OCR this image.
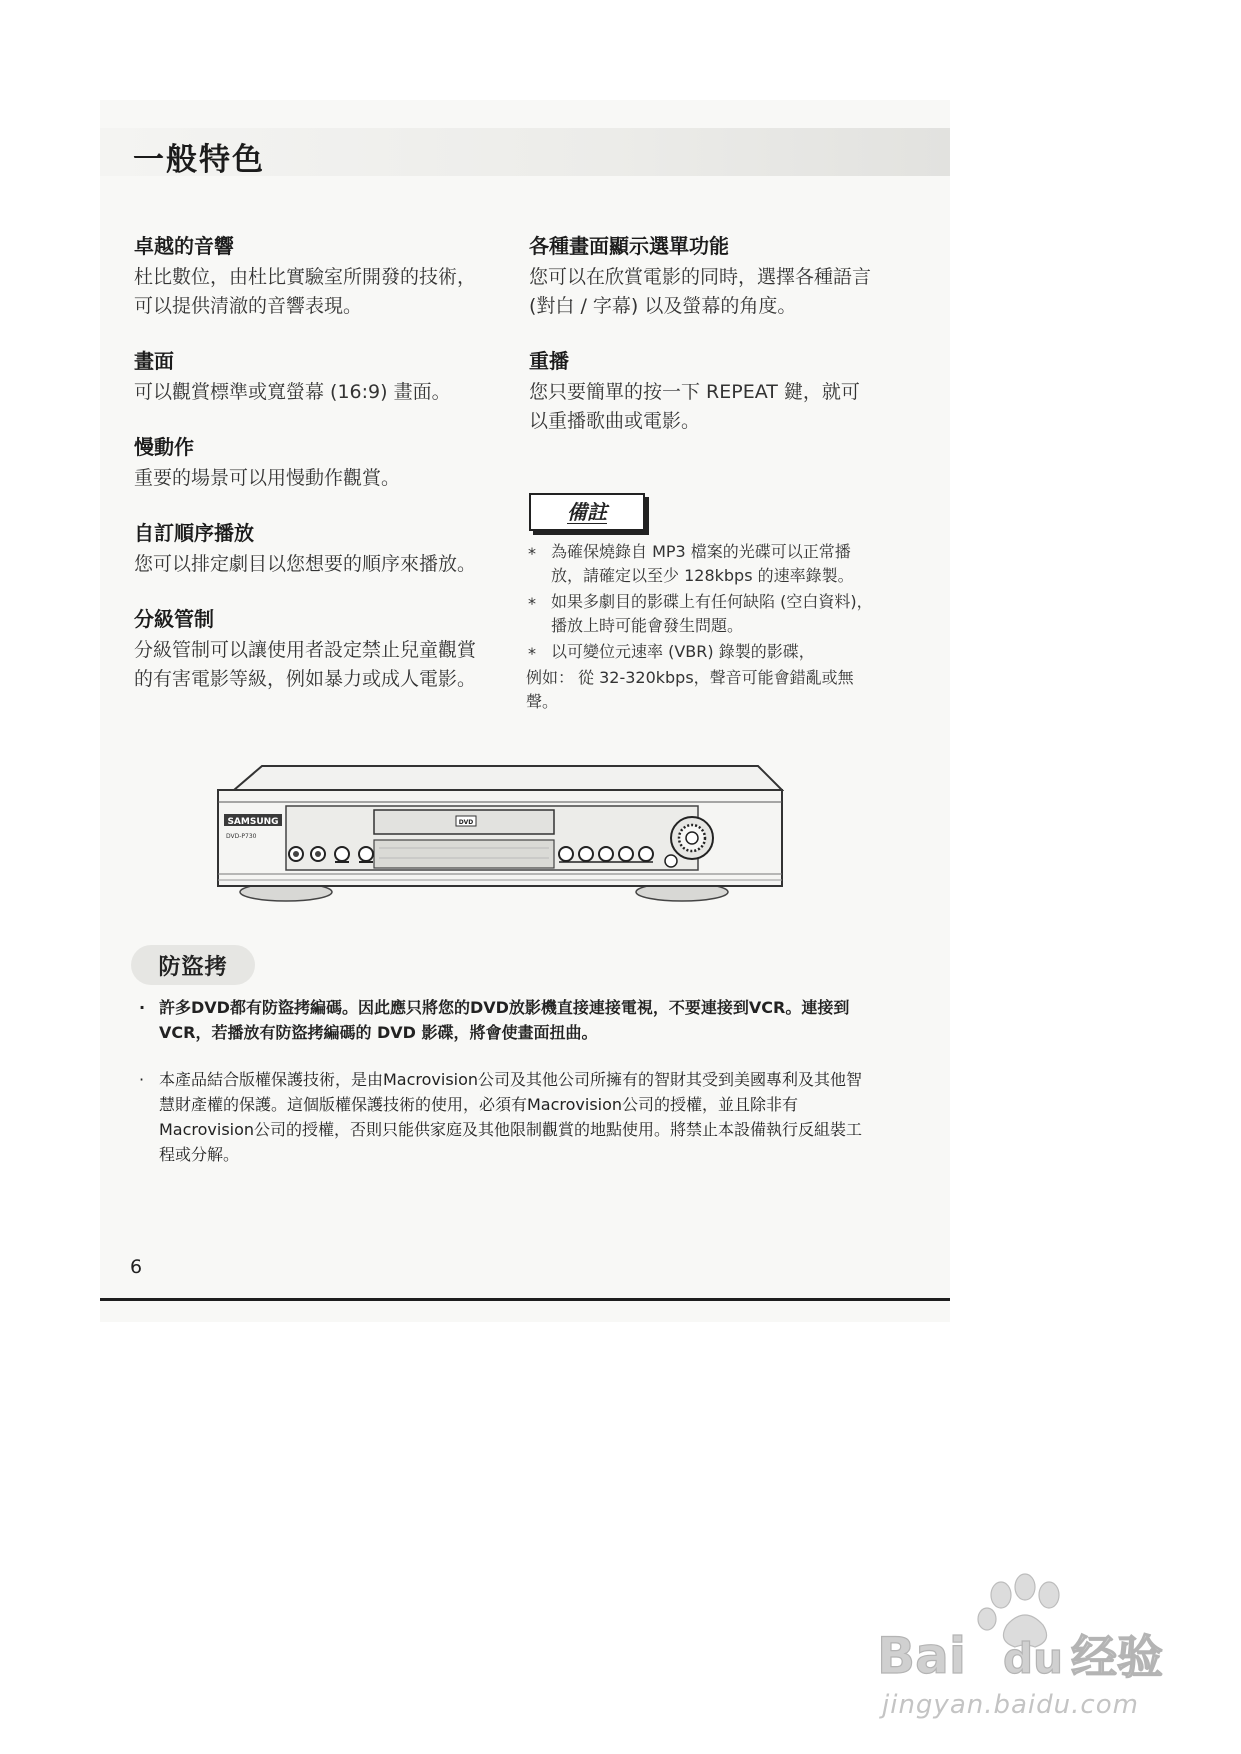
一般特色
卓越的音響

杜比數位，由杜比實驗室所開發的技術，可以提供清澈的音響表現。

畫面

可以觀賞標準或寬螢幕 (16:9) 畫面。

慢動作

重要的場景可以用慢動作觀賞。

自訂順序播放

您可以排定劇目以您想要的順序來播放。

分級管制

分級管制可以讓使用者設定禁止兒童觀賞的有害電影等級，例如暴力或成人電影。

各種畫面顯示選單功能

您可以在欣賞電影的同時，選擇各種語言 (對白 / 字幕) 以及螢幕的角度。

重播

您只要簡單的按一下 REPEAT 鍵，就可以重播歌曲或電影。

備註
* 為確保燒錄自 MP3 檔案的光碟可以正常播放，請確定以至少 128kbps 的速率錄製。
* 如果多劇目的影碟上有任何缺陷 (空白資料)，播放上時可能會發生問題。
* 以可變位元速率 (VBR) 錄製的影碟，
例如： 從 32-320kbps，聲音可能會錯亂或無聲。
SAMSUNG
DVD-P730
DVD
防盜拷
· 許多DVD都有防盜拷編碼。因此應只將您的DVD放影機直接連接電視，不要連接到VCR。連接到 VCR，若播放有防盜拷編碼的 DVD 影碟，將會使畫面扭曲。
· 本產品結合版權保護技術，是由Macrovision公司及其他公司所擁有的智財其受到美國專利及其他智慧財產權的保護。這個版權保護技術的使用，必須有Macrovision公司的授權，並且除非有Macrovision公司的授權，否則只能供家庭及其他限制觀賞的地點使用。將禁止本設備執行反組裝工程或分解。
6
Bai du 经验
jingyan.baidu.com
